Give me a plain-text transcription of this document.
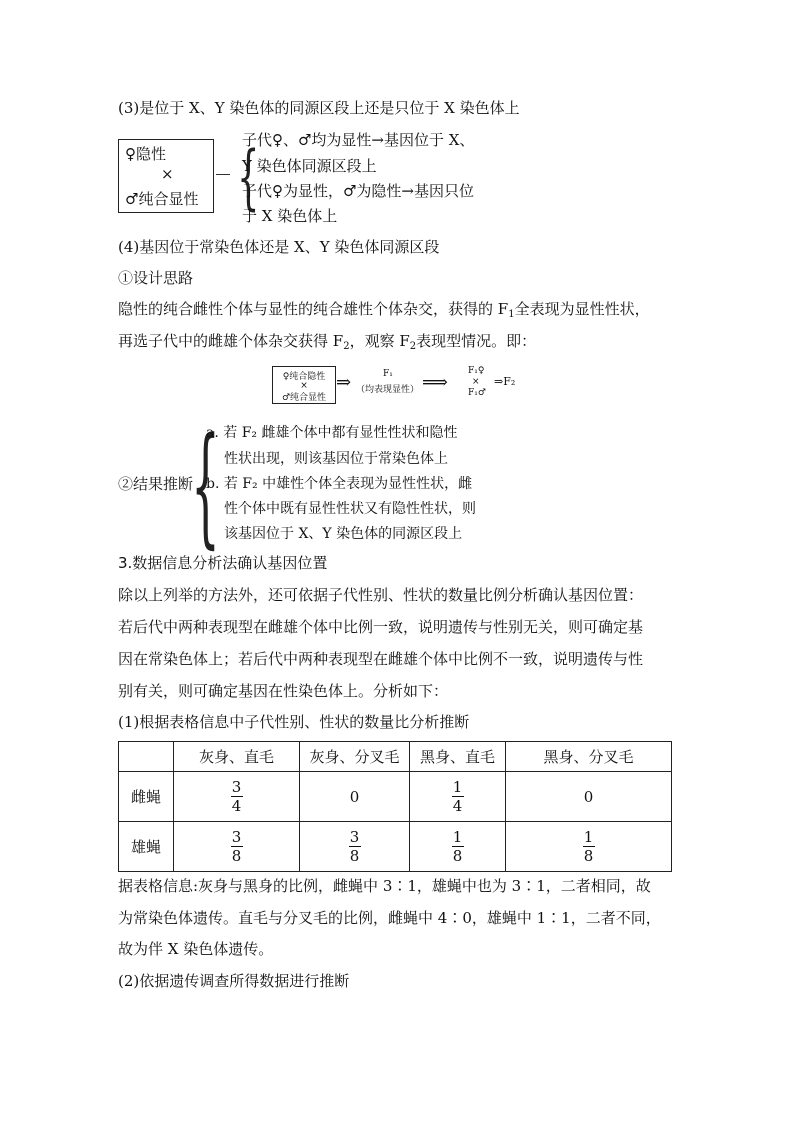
(3)是位于 X、Y 染色体的同源区段上还是只位于 X 染色体上
♀隐性
×
♂纯合显性 {
子代♀、♂均为显性→基因位于 X、
Y 染色体同源区段上
子代♀为显性，♂为隐性→基因只位
于 X 染色体上
(4)基因位于常染色体还是 X、Y 染色体同源区段
①设计思路
隐性的纯合雌性个体与显性的纯合雄性个体杂交，获得的 $F_1$全表现为显性性状，
再选子代中的雌雄个体杂交获得 $F_2$，观察 $F_2$表现型情况。即：
♀纯合隐性
×
♂纯合显性
⇒	F₁
（均表现显性） ⟹
F₁♀
×
F₁♂
⇒F₂
②结果推断
{
a. 若 F₂ 雌雄个体中都有显性性状和隐性
性状出现，则该基因位于常染色体上
b. 若 F₂ 中雄性个体全表现为显性性状，雌
性个体中既有显性性状又有隐性性状，则
该基因位于 X、Y 染色体的同源区段上
3.数据信息分析法确认基因位置
除以上列举的方法外，还可依据子代性别、性状的数量比例分析确认基因位置：
若后代中两种表现型在雌雄个体中比例一致，说明遗传与性别无关，则可确定基
因在常染色体上；若后代中两种表现型在雌雄个体中比例不一致，说明遗传与性
别有关，则可确定基因在性染色体上。分析如下：
(1)根据表格信息中子代性别、性状的数量比分析推断
	灰身、直毛	灰身、分叉毛	黑身、直毛	黑身、分叉毛
雌蝇	$\frac{3}{4}$	0	$\frac{1}{4}$	0
雄蝇	$\frac{3}{8}$	$\frac{3}{8}$	$\frac{1}{8}$	$\frac{1}{8}$
据表格信息:灰身与黑身的比例，雌蝇中 3∶1，雄蝇中也为 3∶1，二者相同，故
为常染色体遗传。直毛与分叉毛的比例，雌蝇中 4∶0，雄蝇中 1∶1，二者不同，
故为伴 X 染色体遗传。
(2)依据遗传调查所得数据进行推断
